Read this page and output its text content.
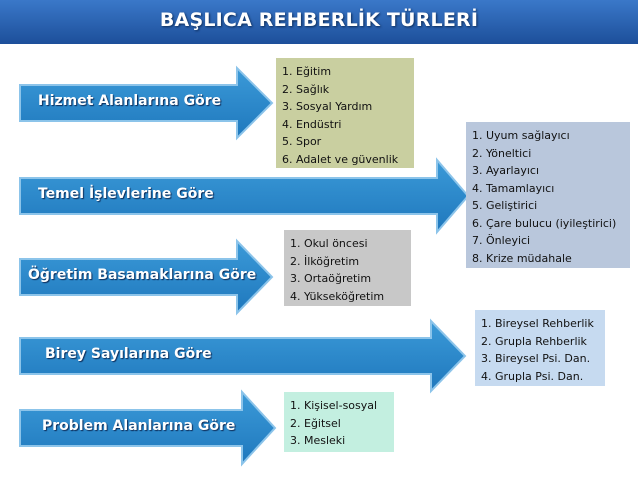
BAŞLICA REHBERLİK TÜRLERİ
Hizmet Alanlarına Göre
Temel İşlevlerine Göre
Öğretim Basamaklarına Göre
Birey Sayılarına Göre
Problem Alanlarına Göre
1. Eğitim
2. Sağlık
3. Sosyal Yardım
4. Endüstri
5. Spor
6. Adalet ve güvenlik
1. Uyum sağlayıcı
2. Yöneltici
3. Ayarlayıcı
4. Tamamlayıcı
5. Geliştirici
6. Çare bulucu (iyileştirici)
7. Önleyici
8. Krize müdahale
1. Okul öncesi
2. İlköğretim
3. Ortaöğretim
4. Yükseköğretim
1. Bireysel Rehberlik
2. Grupla Rehberlik
3. Bireysel Psi. Dan.
4. Grupla Psi. Dan.
1. Kişisel-sosyal
2. Eğitsel
3. Mesleki
